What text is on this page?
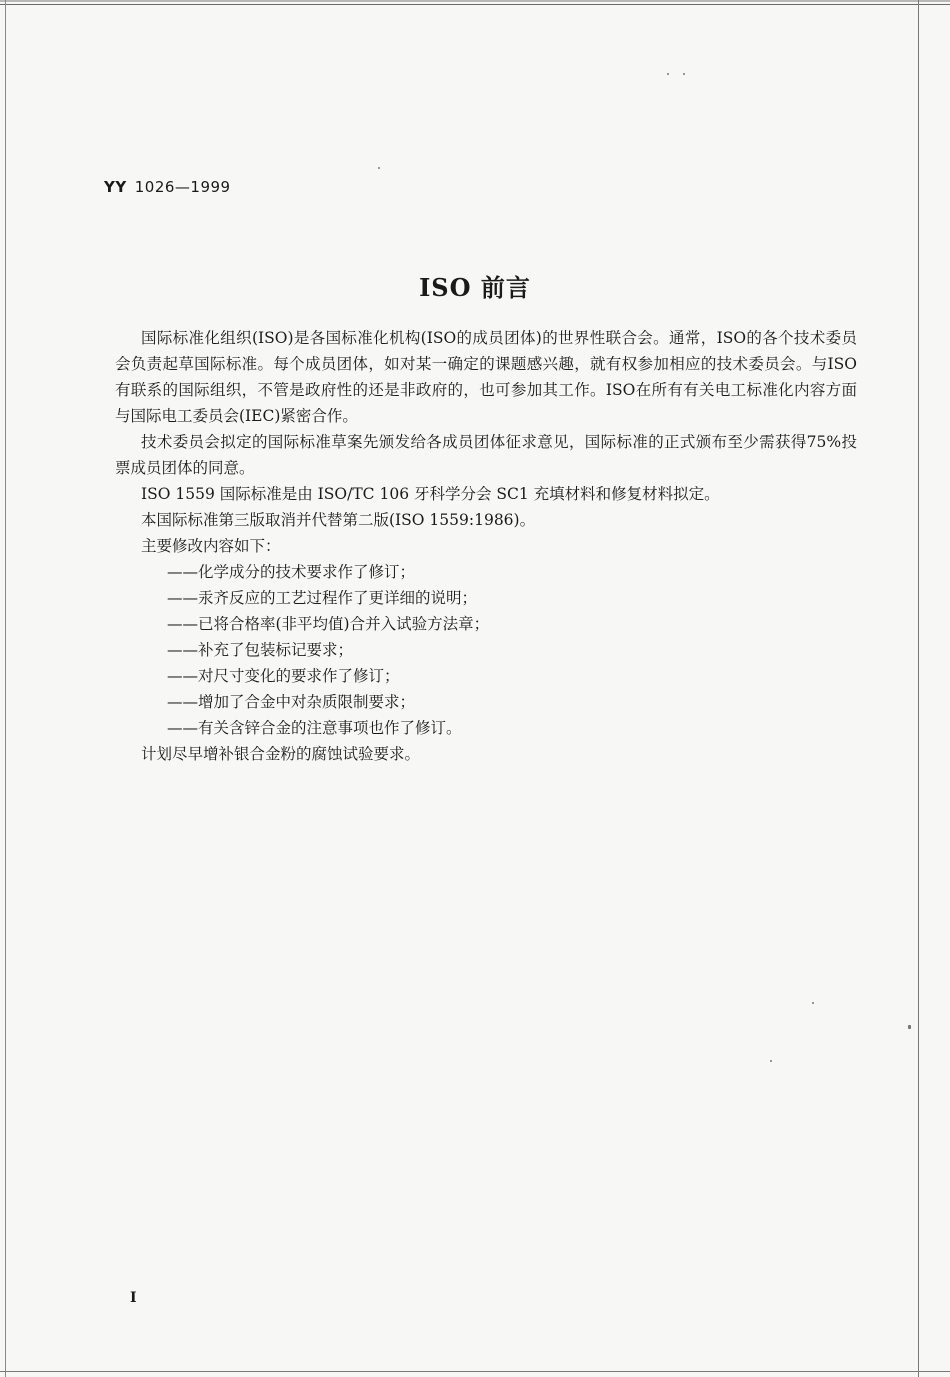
YY 1026—1999
ISO 前言

国际标准化组织(ISO)是各国标准化机构(ISO的成员团体)的世界性联合会。通常，ISO的各个技术委员会负责起草国际标准。每个成员团体，如对某一确定的课题感兴趣，就有权参加相应的技术委员会。与ISO有联系的国际组织，不管是政府性的还是非政府的，也可参加其工作。ISO在所有有关电工标准化内容方面与国际电工委员会(IEC)紧密合作。

技术委员会拟定的国际标准草案先颁发给各成员团体征求意见，国际标准的正式颁布至少需获得75%投票成员团体的同意。

ISO 1559 国际标准是由 ISO/TC 106 牙科学分会 SC1 充填材料和修复材料拟定。

本国际标准第三版取消并代替第二版(ISO 1559:1986)。

主要修改内容如下：

——化学成分的技术要求作了修订；

——汞齐反应的工艺过程作了更详细的说明；

——已将合格率(非平均值)合并入试验方法章；

——补充了包装标记要求；

——对尺寸变化的要求作了修订；

——增加了合金中对杂质限制要求；

——有关含锌合金的注意事项也作了修订。

计划尽早增补银合金粉的腐蚀试验要求。

I
